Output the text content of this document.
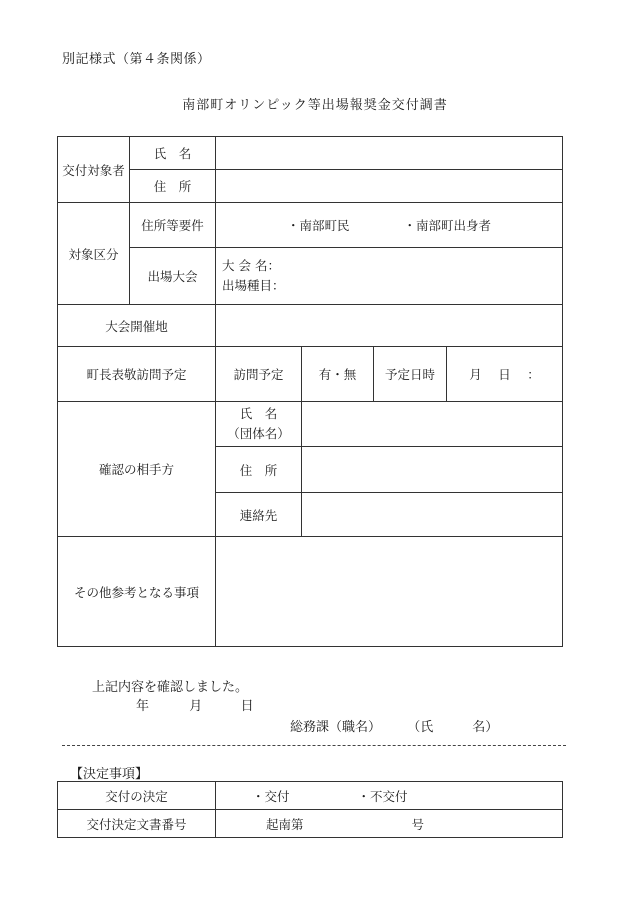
別記様式（第４条関係）
南部町オリンピック等出場報奨金交付調書
交付対象者	氏　名				
	住　所				
対象区分	住所等要件	・南部町民 ・南部町出身者			
	出場大会	大 会 名：
出場種目：			

大会開催地					
町長表敬訪問予定		訪問予定	有・無	予定日時	月　 日　 ：
確認の相手方		氏　名
（団体名）			

		住　所			
		連絡先			
その他参考となる事項					
上記内容を確認しました。
年	月	日
総務課（職名） （氏　　　名）
【決定事項】
交付の決定	・交付 ・不交付
交付決定文書番号	起南第 号
